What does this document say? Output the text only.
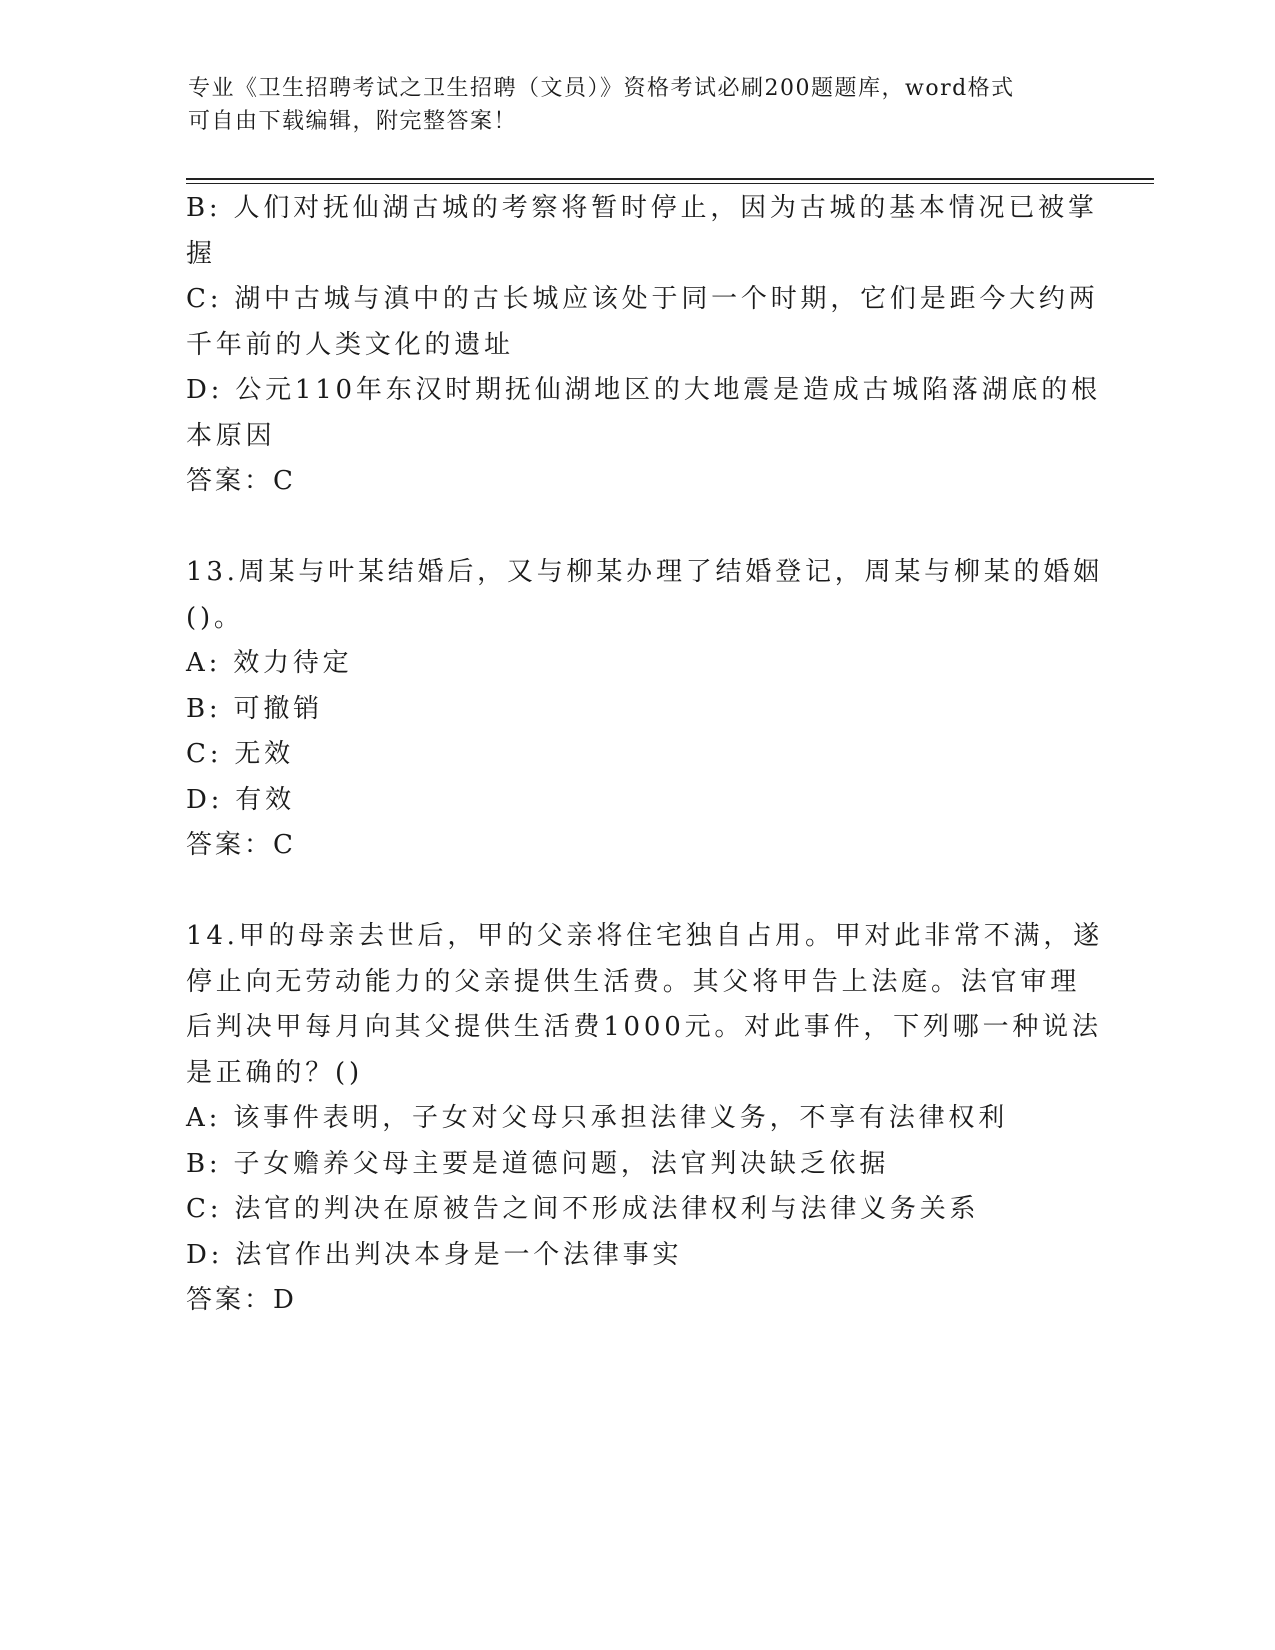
专业《卫生招聘考试之卫生招聘（文员）》资格考试必刷200题题库，word格式
可自由下载编辑，附完整答案！
B: 人们对抚仙湖古城的考察将暂时停止，因为古城的基本情况已被掌
握
C: 湖中古城与滇中的古长城应该处于同一个时期，它们是距今大约两
千年前的人类文化的遗址
D: 公元110年东汉时期抚仙湖地区的大地震是造成古城陷落湖底的根
本原因
答案：C
13.周某与叶某结婚后，又与柳某办理了结婚登记，周某与柳某的婚姻
()。
A: 效力待定
B: 可撤销
C: 无效
D: 有效
答案：C
14.甲的母亲去世后，甲的父亲将住宅独自占用。甲对此非常不满，遂
停止向无劳动能力的父亲提供生活费。其父将甲告上法庭。法官审理
后判决甲每月向其父提供生活费1000元。对此事件，下列哪一种说法
是正确的？()
A: 该事件表明，子女对父母只承担法律义务，不享有法律权利
B: 子女赡养父母主要是道德问题，法官判决缺乏依据
C: 法官的判决在原被告之间不形成法律权利与法律义务关系
D: 法官作出判决本身是一个法律事实
答案：D
